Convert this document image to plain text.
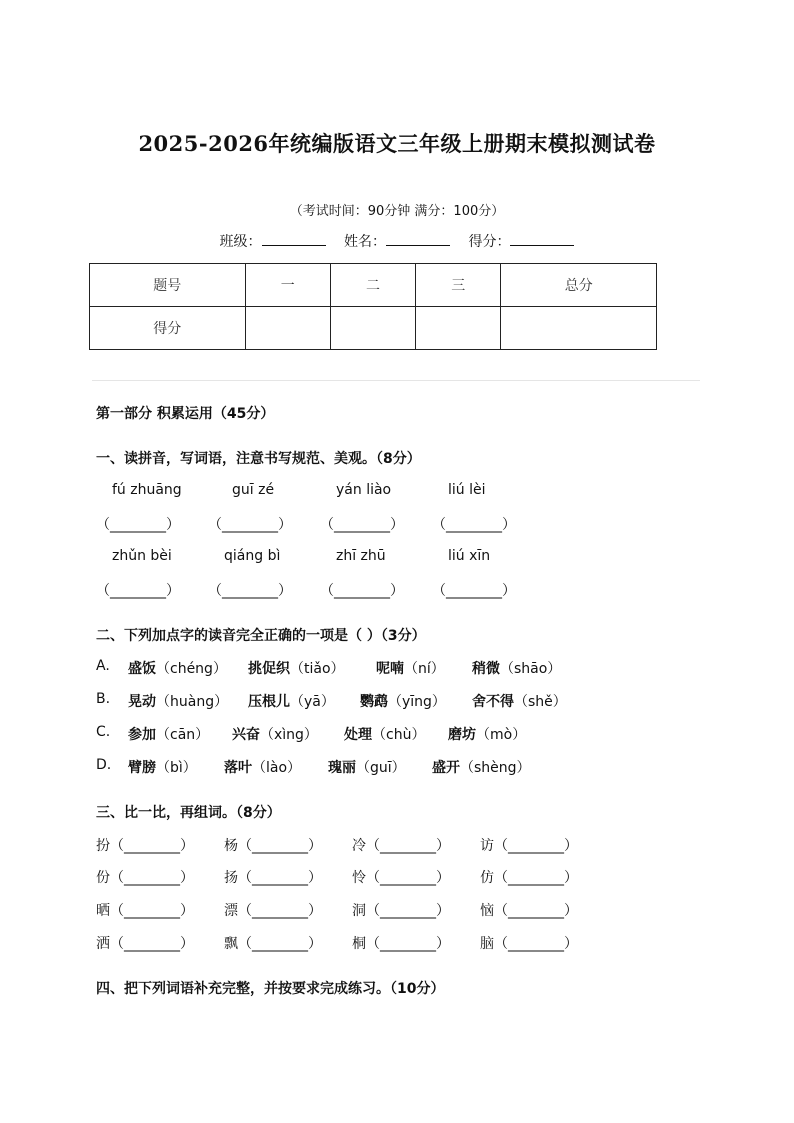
2025-2026年统编版语文三年级上册期末模拟测试卷
（考试时间：90分钟 满分：100分）
班级：	姓名：	得分：
题号	一	二	三	总分
得分				
第一部分 积累运用（45分）
一、读拼音，写词语，注意书写规范、美观。（8分）
fú zhuāng	guī zé	yán liào	liú lèi
（________） （________） （________） （________）
zhǔn bèi	qiáng bì	zhī zhū	liú xīn
（________） （________） （________） （________）
二、下列加点字的读音完全正确的一项是（ ）（3分）
A. 盛饭（chéng） 挑促织（tiǎo） 呢喃（ní） 稍微（shāo）
B. 晃动（huàng） 压根儿（yā） 鹦鹉（yīng） 舍不得（shě）
C. 参加（cān） 兴奋（xìng） 处理（chù） 磨坊（mò）
D. 臂膀（bì） 落叶（lào） 瑰丽（guī） 盛开（shèng）
三、比一比，再组词。（8分）
扮（________） 杨（________） 冷（________） 访（________）
份（________） 扬（________） 怜（________） 仿（________）
晒（________） 漂（________） 洞（________） 恼（________）
洒（________） 飘（________） 桐（________） 脑（________）
四、把下列词语补充完整，并按要求完成练习。（10分）
